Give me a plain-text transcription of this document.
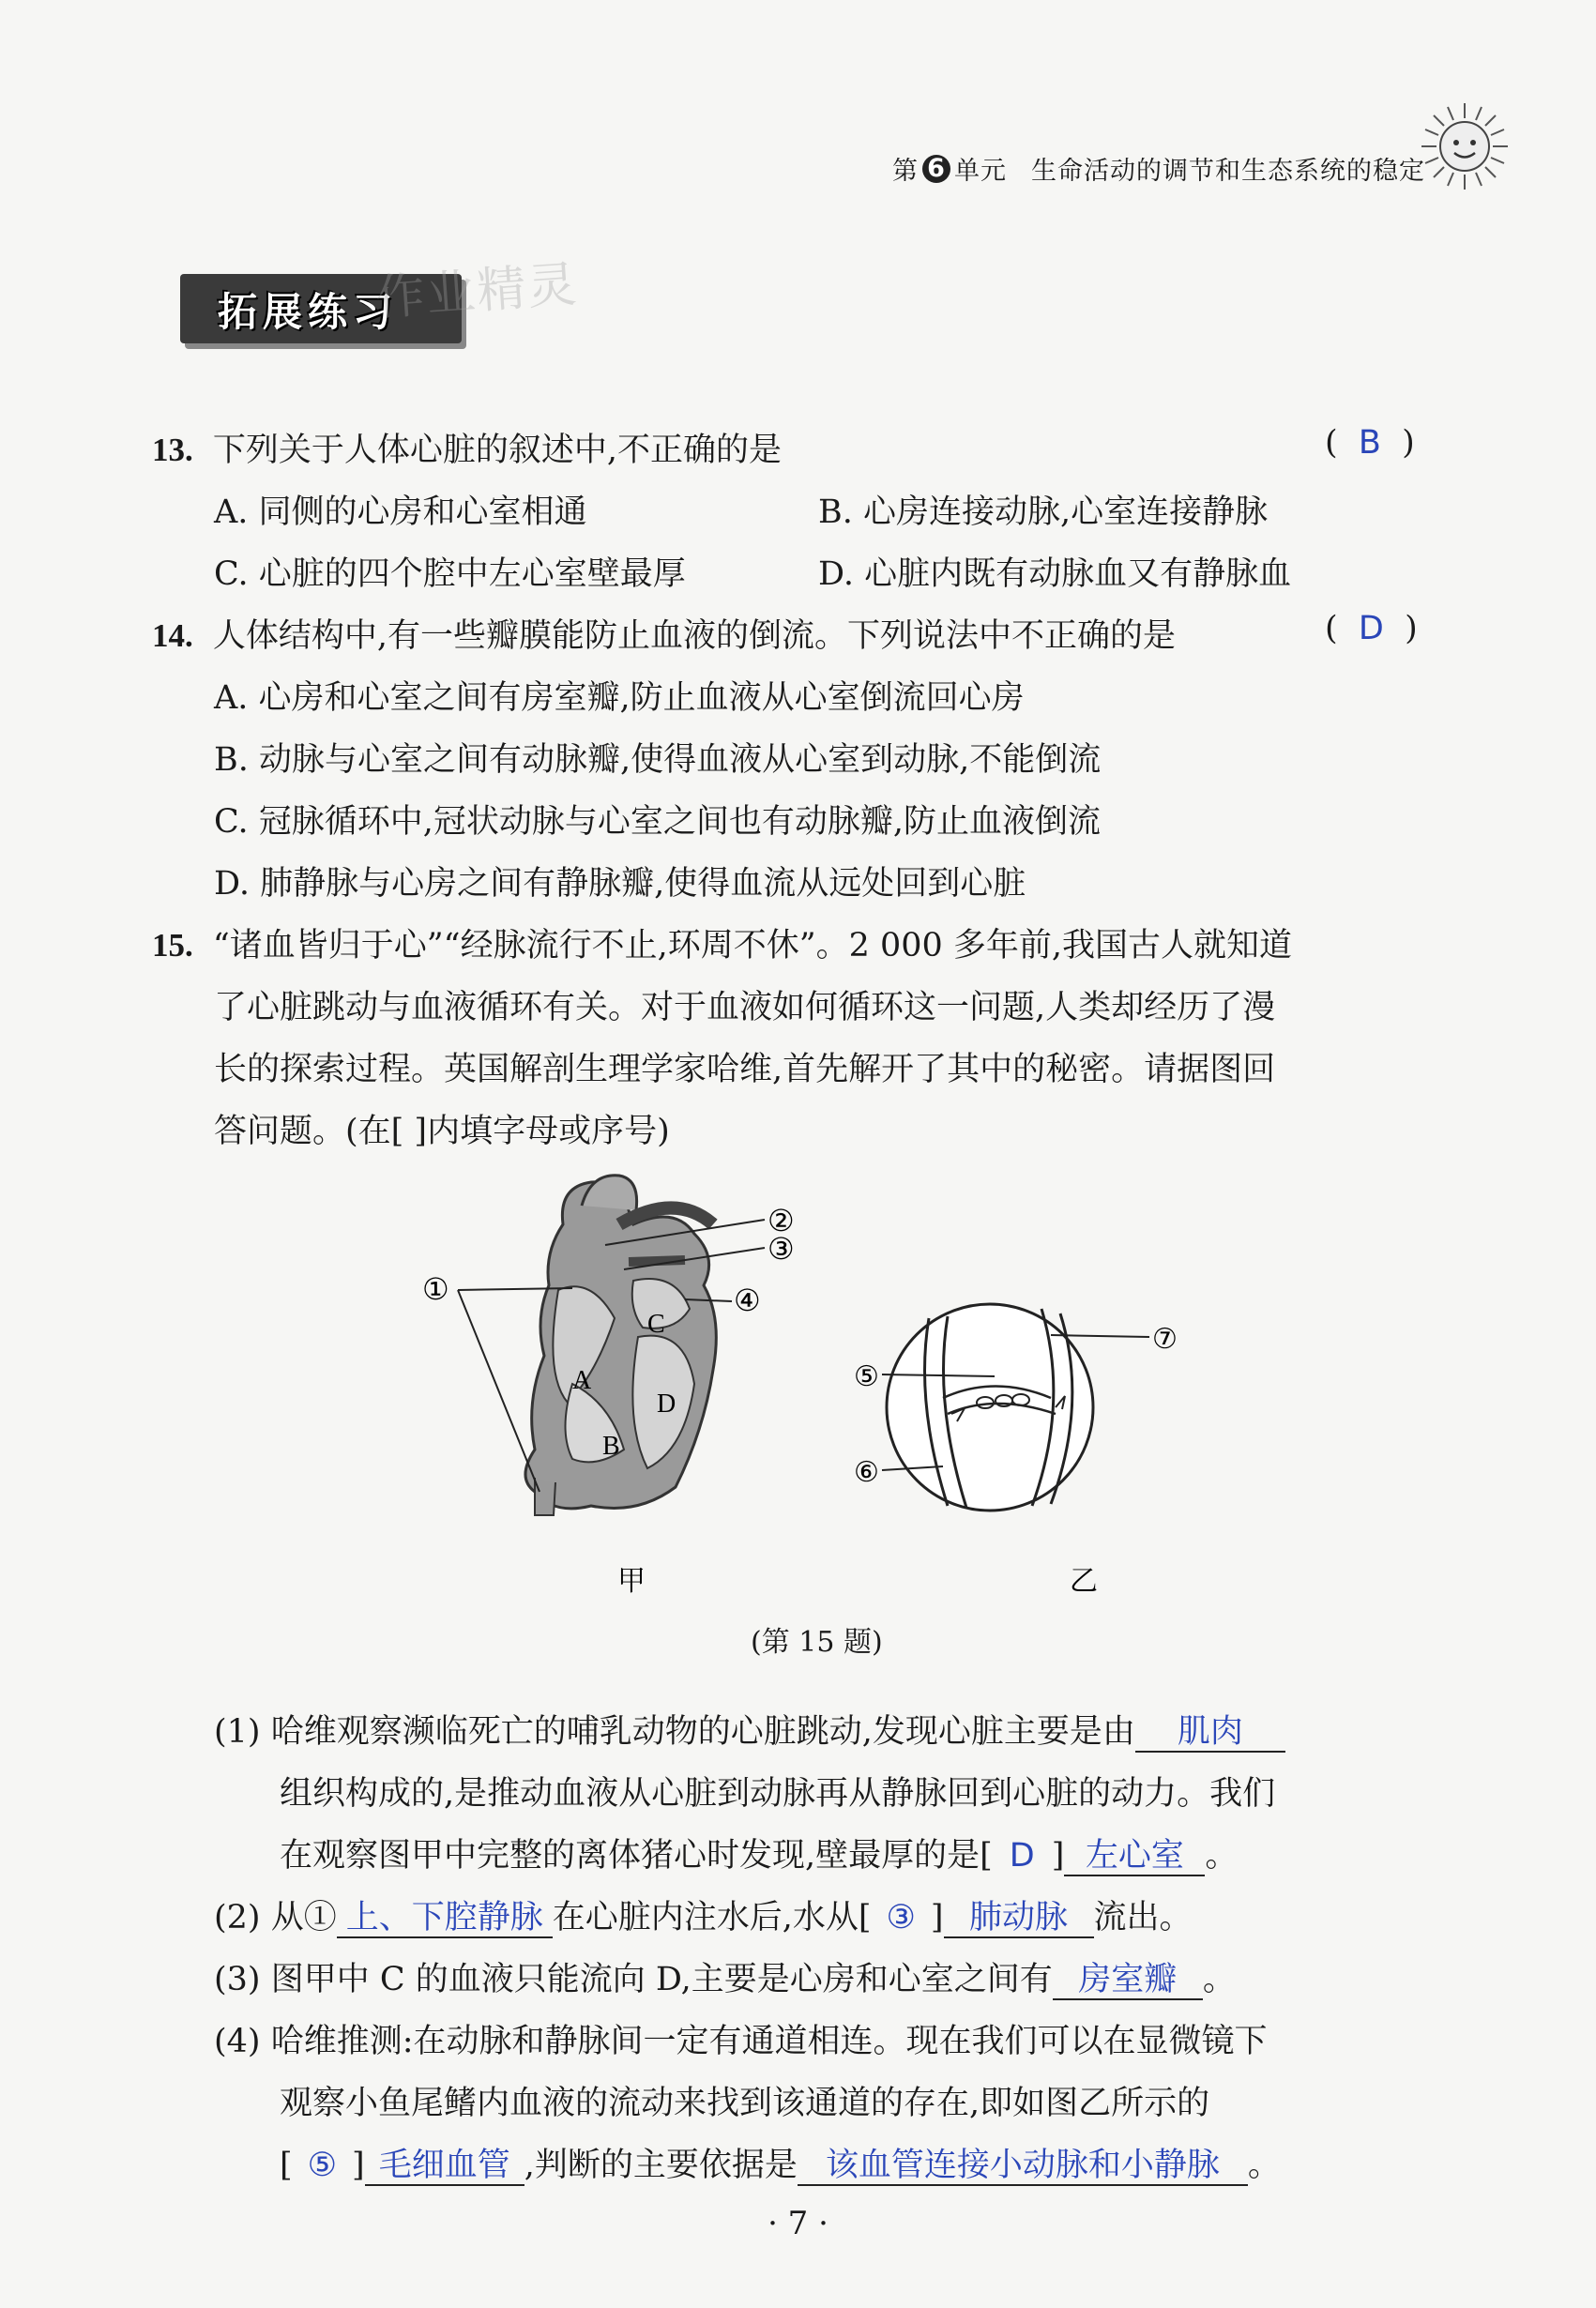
第 6 单元 生命活动的调节和生态系统的稳定
拓展练习
作业精灵
13. 下列关于人体心脏的叙述中,不正确的是	(  B  )
A. 同侧的心房和心室相通	B. 心房连接动脉,心室连接静脉
C. 心脏的四个腔中左心室壁最厚	D. 心脏内既有动脉血又有静脉血
14. 人体结构中,有一些瓣膜能防止血液的倒流。下列说法中不正确的是	(  D  )
A. 心房和心室之间有房室瓣,防止血液从心室倒流回心房
B. 动脉与心室之间有动脉瓣,使得血液从心室到动脉,不能倒流
C. 冠脉循环中,冠状动脉与心室之间也有动脉瓣,防止血液倒流
D. 肺静脉与心房之间有静脉瓣,使得血流从远处回到心脏
15. “诸血皆归于心”“经脉流行不止,环周不休”。2 000 多年前,我国古人就知道
了心脏跳动与血液循环有关。对于血液如何循环这一问题,人类却经历了漫
长的探索过程。英国解剖生理学家哈维,首先解开了其中的秘密。请据图回
答问题。(在[ ]内填字母或序号)
①
②
③
④
A
B
C
D
甲
⑤
⑥
⑦
乙
(第 15 题)
(1) 哈维观察濒临死亡的哺乳动物的心脏跳动,发现心脏主要是由 肌肉
组织构成的,是推动血液从心脏到动脉再从静脉回到心脏的动力。我们
在观察图甲中完整的离体猪心时发现,壁最厚的是[ D ] 左心室 。
(2) 从① 上、下腔静脉 在心脏内注水后,水从[ ③ ] 肺动脉 流出。
(3) 图甲中 C 的血液只能流向 D,主要是心房和心室之间有 房室瓣 。
(4) 哈维推测:在动脉和静脉间一定有通道相连。现在我们可以在显微镜下
观察小鱼尾鳍内血液的流动来找到该通道的存在,即如图乙所示的
[ ⑤ ] 毛细血管 ,判断的主要依据是 该血管连接小动脉和小静脉 。
· 7 ·
